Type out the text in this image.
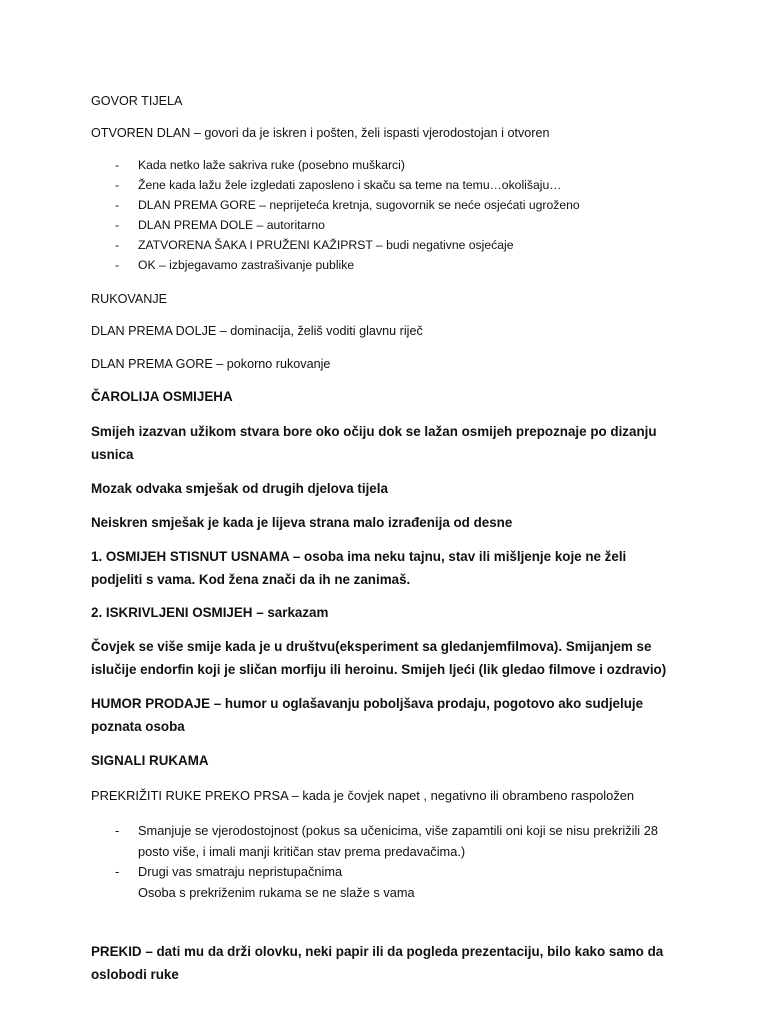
GOVOR TIJELA

OTVOREN DLAN – govori da je iskren i pošten, želi ispasti vjerodostojan i otvoren

- Kada netko laže sakriva ruke (posebno muškarci)
- Žene kada lažu žele izgledati zaposleno i skaču sa teme na temu…okolišaju…
- DLAN PREMA GORE – neprijeteća kretnja, sugovornik se neće osjećati ugroženo
- DLAN PREMA DOLE – autoritarno
- ZATVORENA ŠAKA I PRUŽENI KAŽIPRST – budi negativne osjećaje
- OK – izbjegavamo zastrašivanje publike

RUKOVANJE

DLAN PREMA DOLJE – dominacija, želiš voditi glavnu riječ

DLAN PREMA GORE – pokorno rukovanje

ČAROLIJA OSMIJEHA

Smijeh izazvan užikom stvara bore oko očiju dok se lažan osmijeh prepoznaje po dizanju usnica

Mozak odvaka smješak od drugih djelova tijela

Neiskren smješak je kada je lijeva strana malo izrađenija od desne

1. OSMIJEH STISNUT USNAMA – osoba ima neku tajnu, stav ili mišljenje koje ne želi podjeliti s vama. Kod žena znači da ih ne zanimaš.

2. ISKRIVLJENI OSMIJEH – sarkazam

Čovjek se više smije kada je u društvu(eksperiment sa gledanjemfilmova). Smijanjem se islučije endorfin koji je sličan morfiju ili heroinu. Smijeh ljeći (lik gledao filmove i ozdravio)

HUMOR PRODAJE – humor u oglašavanju poboljšava prodaju, pogotovo ako sudjeluje poznata osoba

SIGNALI RUKAMA

PREKRIŽITI RUKE PREKO PRSA – kada je čovjek napet , negativno ili obrambeno raspoložen

- Smanjuje se vjerodostojnost (pokus sa učenicima, više zapamtili oni koji se nisu prekrižili 28 posto više, i imali manji kritičan stav prema predavačima.)
- Drugi vas smatraju nepristupačnima
Osoba s prekriženim rukama se ne slaže s vama

PREKID – dati mu da drži olovku, neki papir ili da pogleda prezentaciju, bilo kako samo da oslobodi ruke
